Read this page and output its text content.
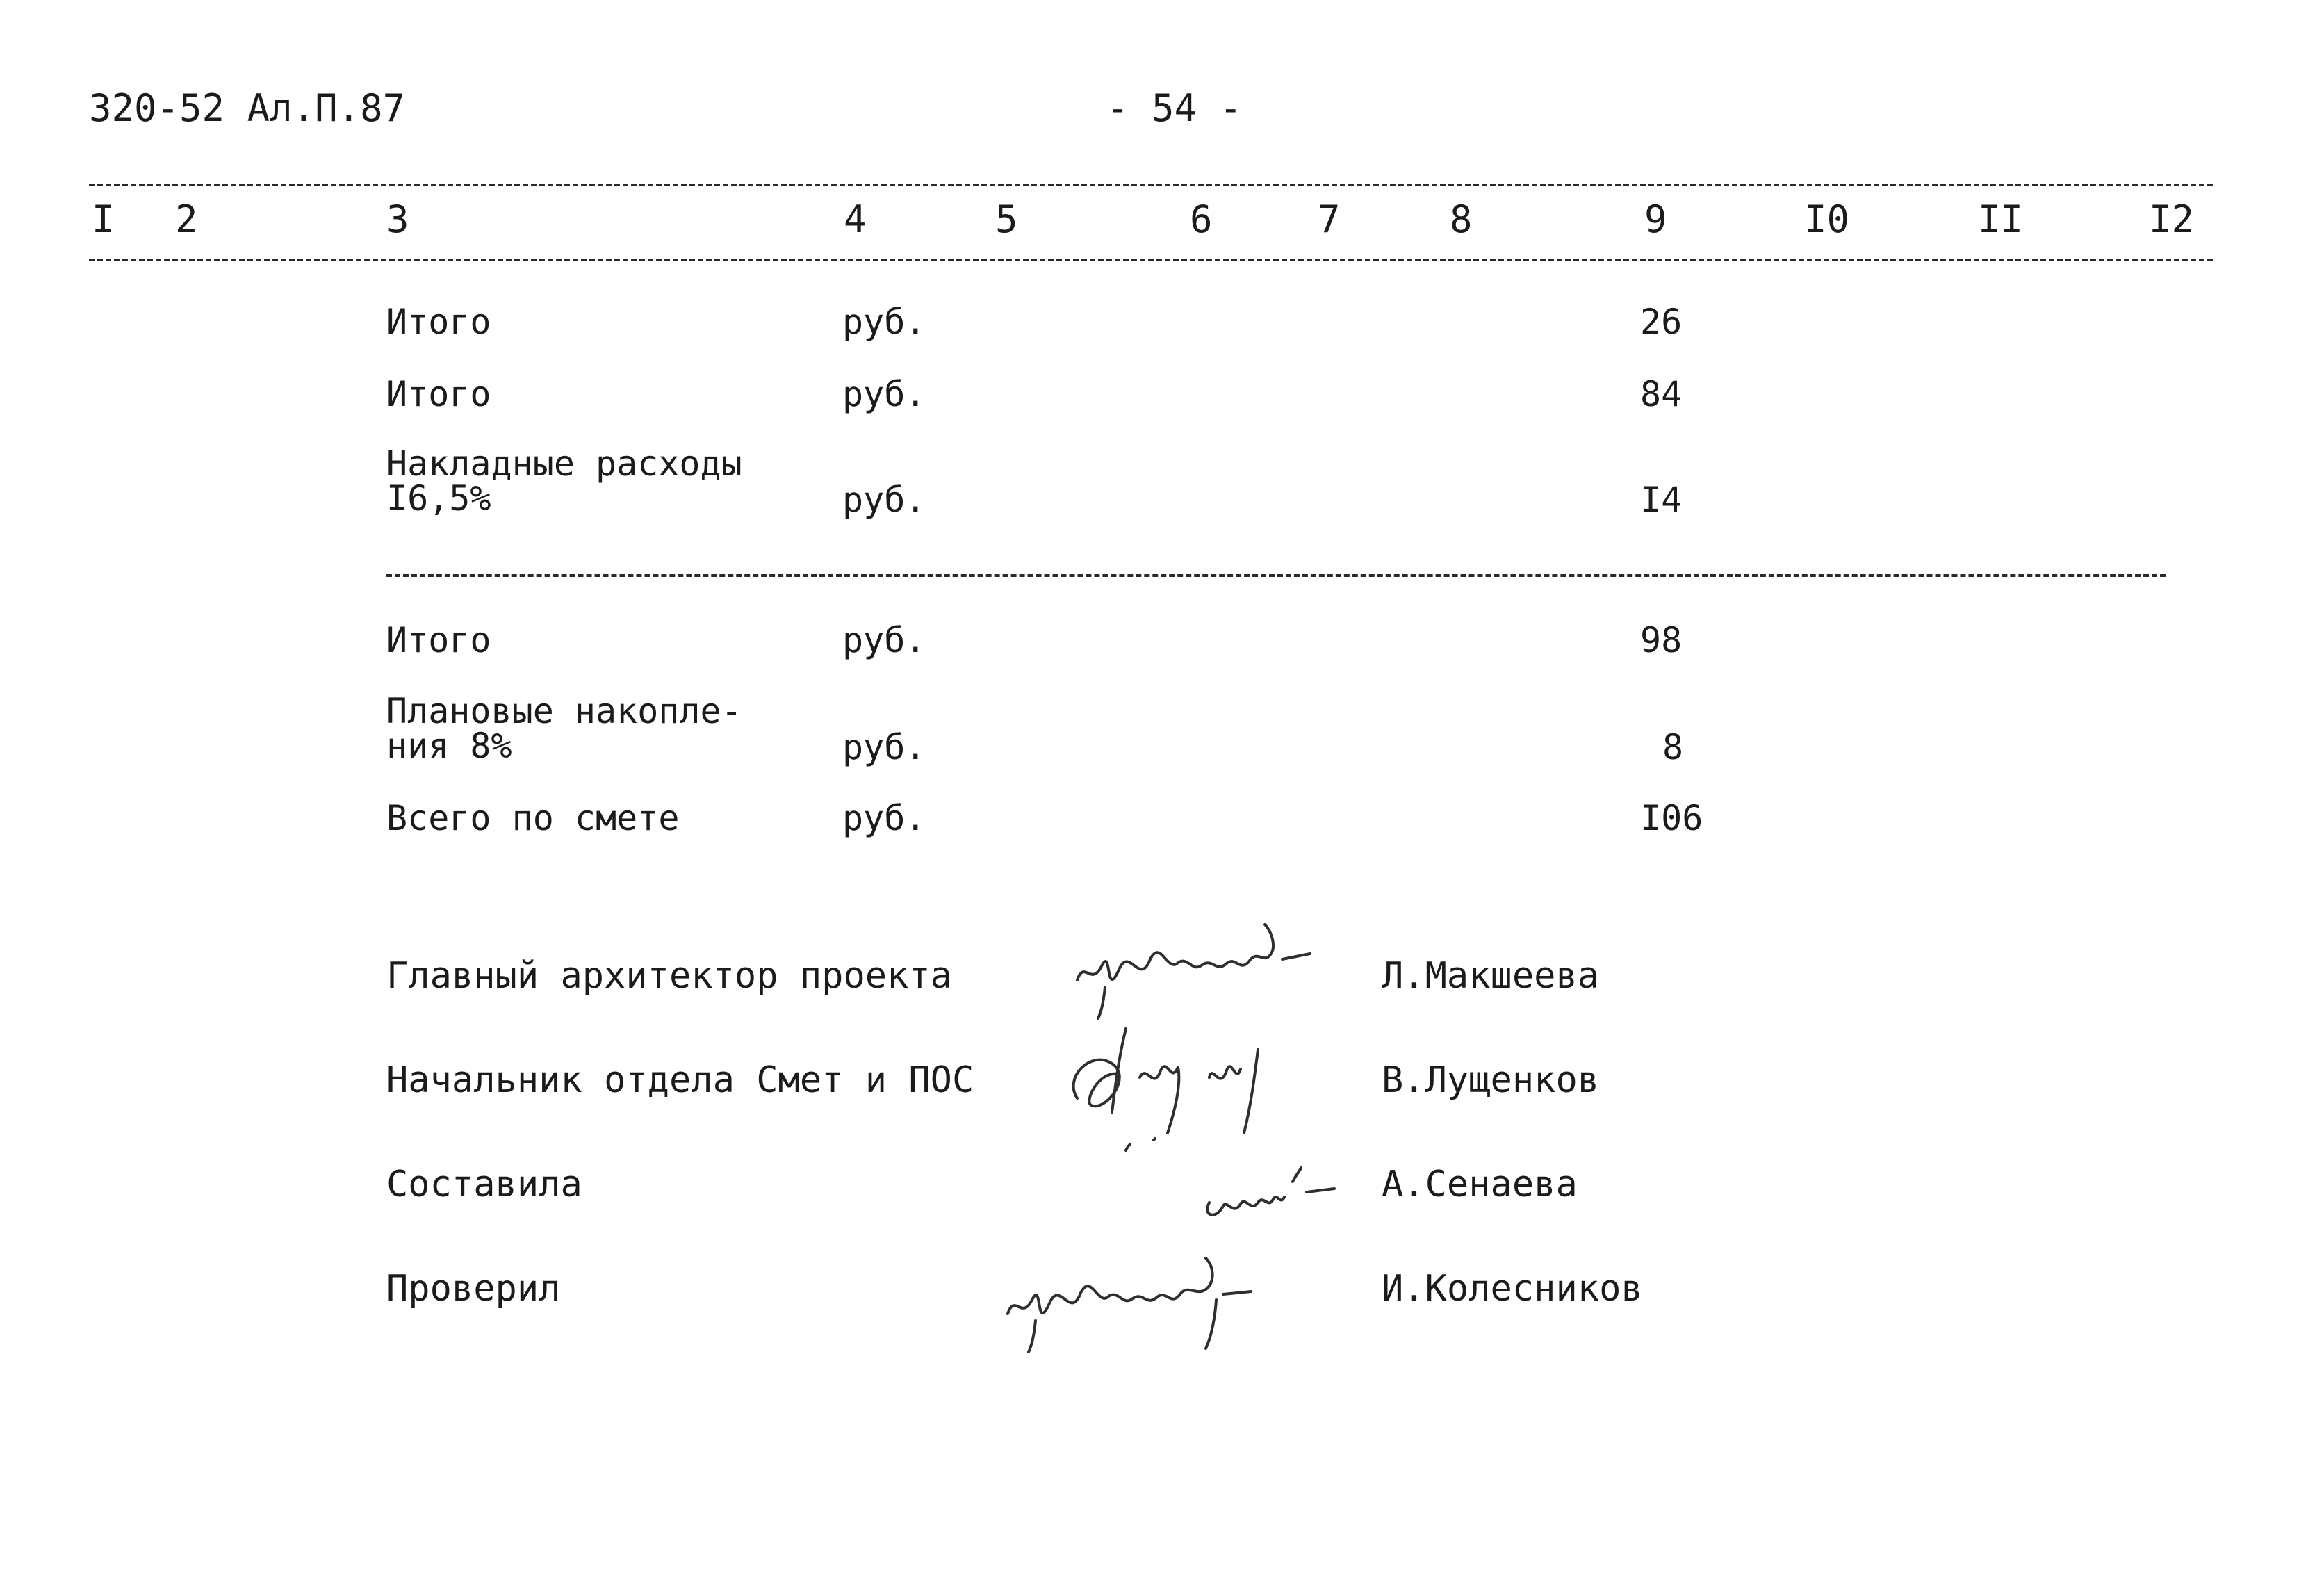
320-52 Ал.П.87	- 54 -
I 2	3	4	5	6	7	8	9	I0	II	I2
Итого	руб.	26
Итого	руб.	84
Накладные расходы
I6,5%	руб.	I4
Итого	руб.	98
Плановые накопле-
ния 8%	руб.	8
Всего по смете	руб.	I06
Главный архитектор проекта	Л.Макшеева
Начальник отдела Смет и ПОС	В.Лущенков
Составила	А.Сенаева
Проверил	И.Колесников
